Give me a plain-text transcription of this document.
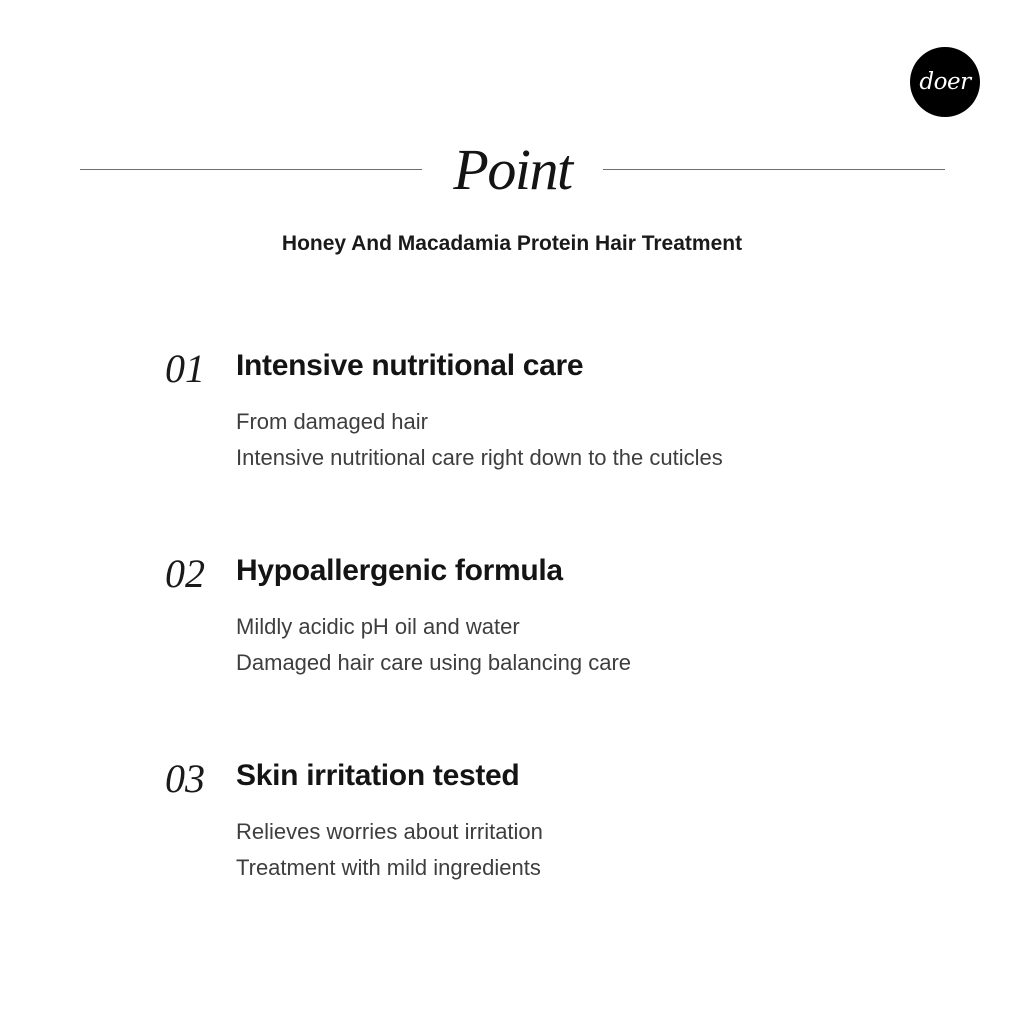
doer
Point
Honey And Macadamia Protein Hair Treatment
01 Intensive nutritional care
From damaged hair
Intensive nutritional care right down to the cuticles
02 Hypoallergenic formula
Mildly acidic pH oil and water
Damaged hair care using balancing care
03 Skin irritation tested
Relieves worries about irritation
Treatment with mild ingredients
